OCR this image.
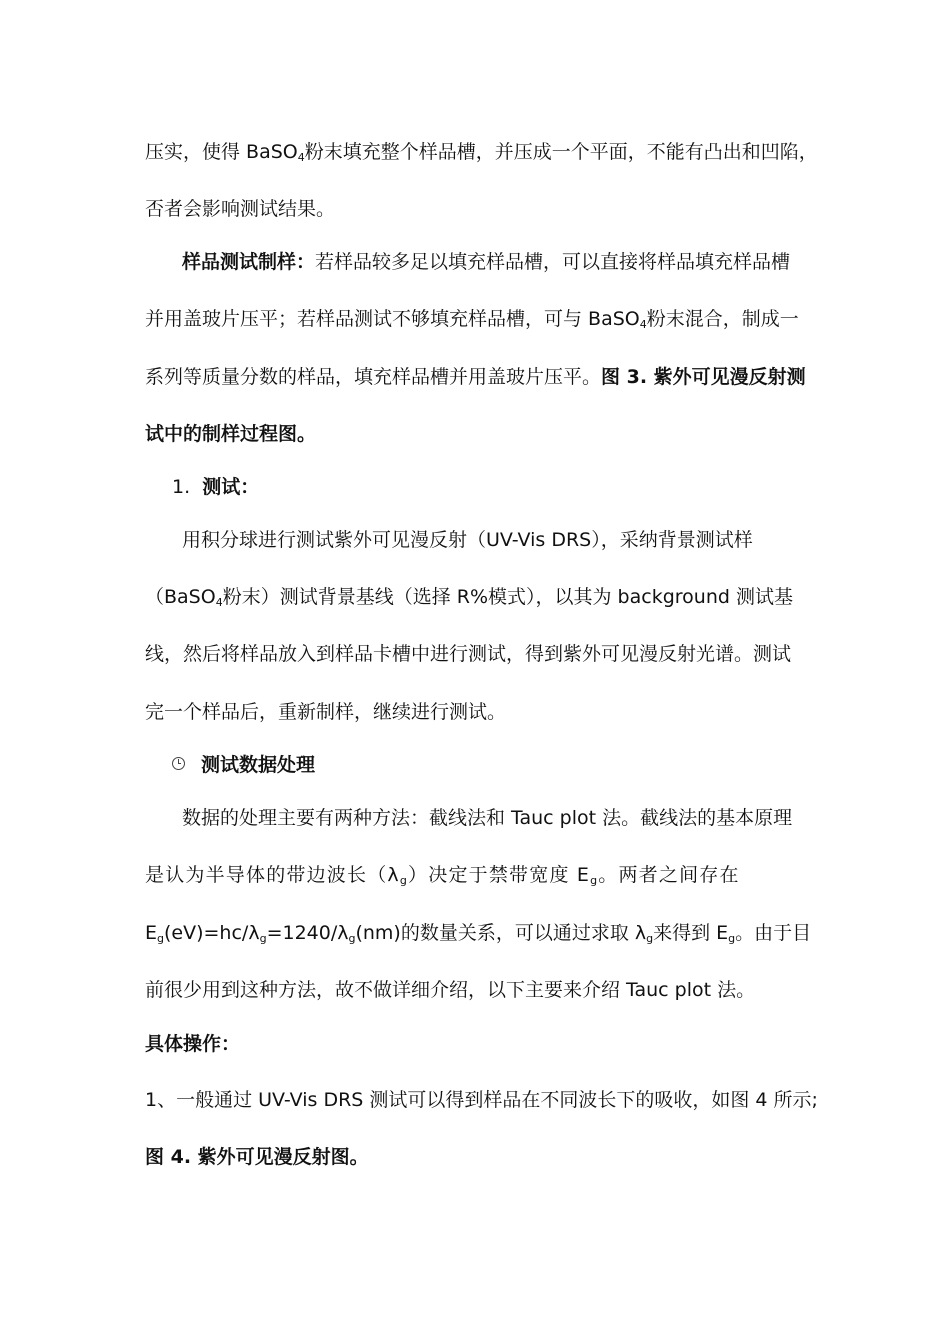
压实，使得 BaSO$_4$粉末填充整个样品槽，并压成一个平面，不能有凸出和凹陷，
否者会影响测试结果。
样品测试制样：若样品较多足以填充样品槽，可以直接将样品填充样品槽
并用盖玻片压平；若样品测试不够填充样品槽，可与 BaSO$_4$粉末混合，制成一
系列等质量分数的样品，填充样品槽并用盖玻片压平。图 3. 紫外可见漫反射测
试中的制样过程图。
1. 测试：
用积分球进行测试紫外可见漫反射（UV-Vis DRS），采纳背景测试样
（BaSO$_4$粉末）测试背景基线（选择 R%模式），以其为 background 测试基
线，然后将样品放入到样品卡槽中进行测试，得到紫外可见漫反射光谱。测试
完一个样品后，重新制样，继续进行测试。
测试数据处理
数据的处理主要有两种方法：截线法和 Tauc plot 法。截线法的基本原理
是认为半导体的带边波长$(\lambda_g)$决定于禁带宽度 $E_g$。两者之间存在
$E_g(eV)=hc/\lambda_g=1240/\lambda_g(nm)$的数量关系，可以通过求取 $\lambda_g$来得到 $E_g$。由于目
前很少用到这种方法，故不做详细介绍，以下主要来介绍 Tauc plot 法。
具体操作：
1、一般通过 UV-Vis DRS 测试可以得到样品在不同波长下的吸收，如图 4 所示;
图 4. 紫外可见漫反射图。
